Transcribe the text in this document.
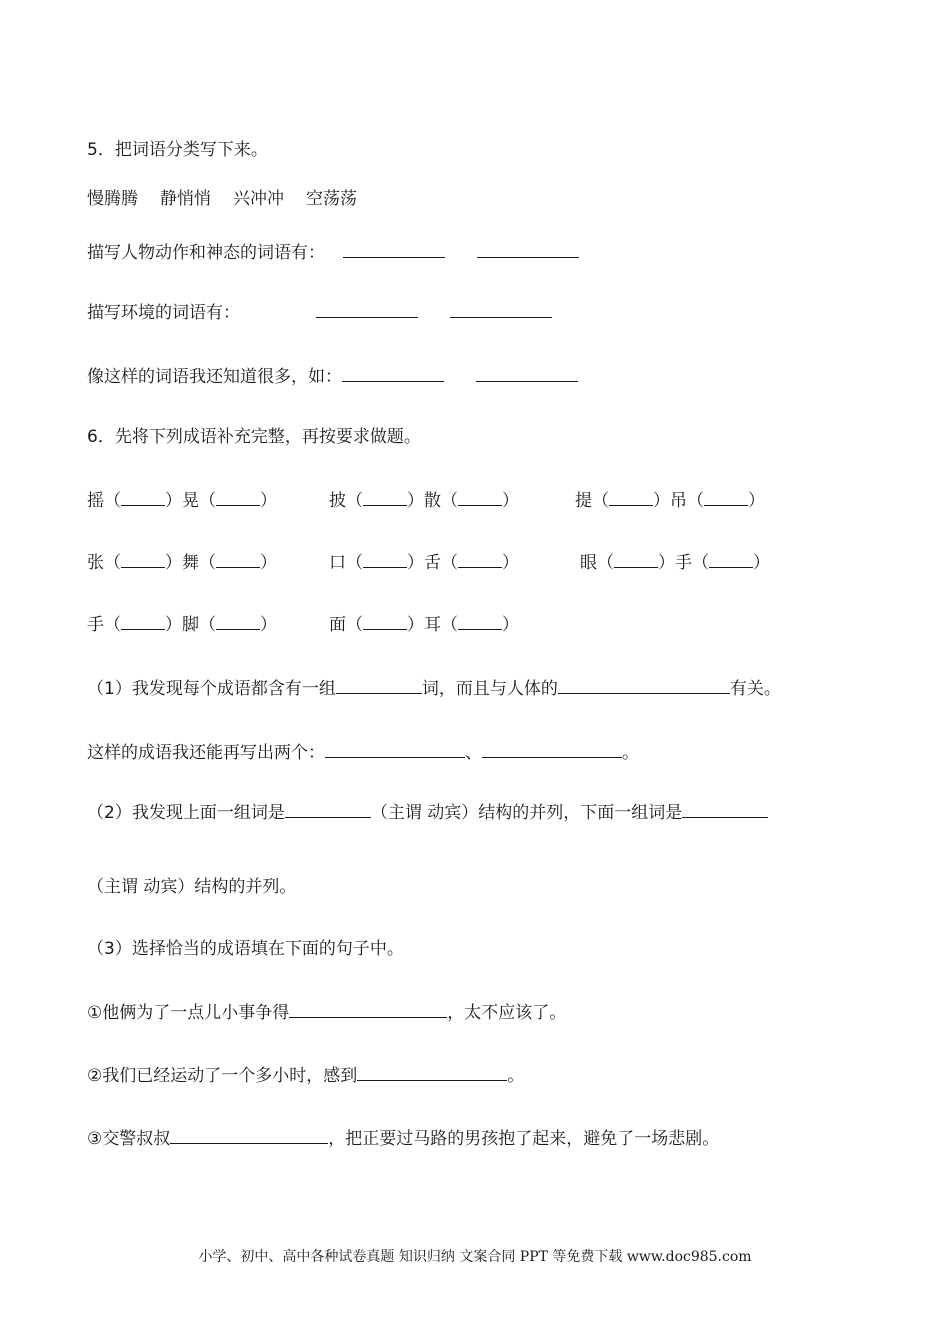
5．把词语分类写下来。
慢腾腾 静悄悄 兴冲冲 空荡荡
描写人物动作和神态的词语有：
描写环境的词语有：
像这样的词语我还知道很多，如：
6．先将下列成语补充完整，再按要求做题。
摇（	）晃（	）	披（	）散（	）	提（	）吊（	）
张（	）舞（	）	口（	）舌（	）	眼（	）手（	）
手（	）脚（	）	面（	）耳（	）
（1）我发现每个成语都含有一组	词，而且与人体的	有关。
这样的成语我还能再写出两个：	、	。
（2）我发现上面一组词是	（主谓 动宾）结构的并列，下面一组词是
（主谓 动宾）结构的并列。
（3）选择恰当的成语填在下面的句子中。
①他俩为了一点儿小事争得	，太不应该了。
②我们已经运动了一个多小时，感到	。
③交警叔叔	，把正要过马路的男孩抱了起来，避免了一场悲剧。
小学、初中、高中各种试卷真题 知识归纳 文案合同 PPT 等免费下载 www.doc985.com
